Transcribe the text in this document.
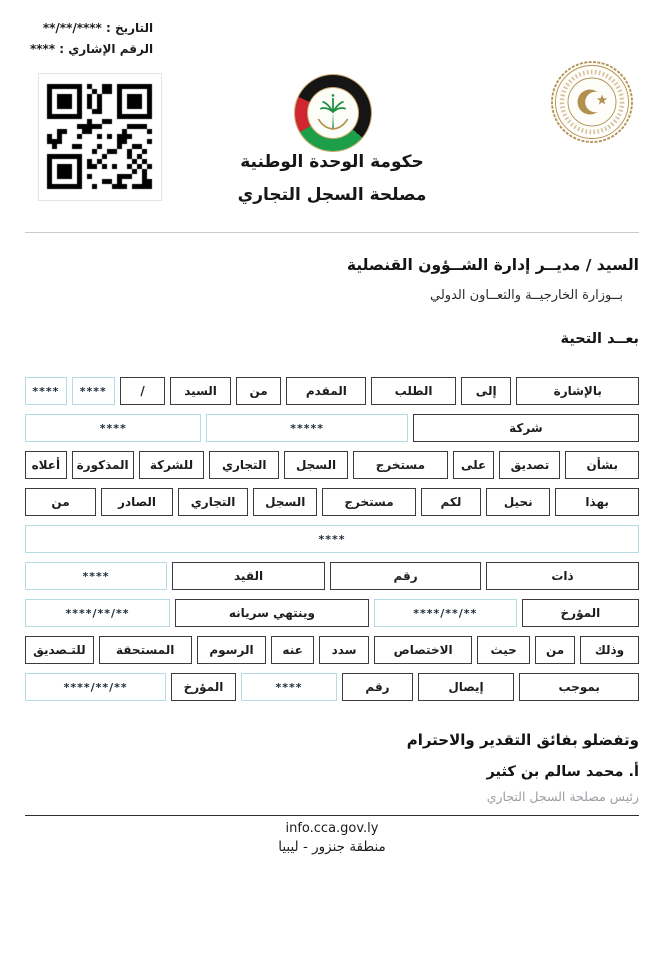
التاريخ : **/**/****
الرقم الإشاري : ****
حكومة الوحدة الوطنية
مصلحة السجل التجاري
السيد / مديــر إدارة الشــؤون القنصلية
بــوزارة الخارجيــة والتعــاون الدولي
بعــد التحية
بالإشارة
إلى
الطلب
المقدم
من
السيد
/
****
****
شركة
*****
****
بشأن
تصديق
على
مستخرج
السجل
التجاري
للشركة
المذكورة
أعلاه
بهذا
نحيل
لكم
مستخرج
السجل
التجاري
الصادر
من
****
ذات
رقم
القيد
****
المؤرخ
****/**/**
وينتهي سريانه
****/**/**
وذلك
من
حيث
الاختصاص
سدد
عنه
الرسوم
المستحقة
للتـصديق
بموجب
إيصال
رقم
****
المؤرخ
****/**/**
وتفضلو بفائق التقدير والاحترام
أ. محمد سالم بن كثير
رئيس مصلحة السجل التجاري
info.cca.gov.ly
منطقة جنزور - ليبيا
